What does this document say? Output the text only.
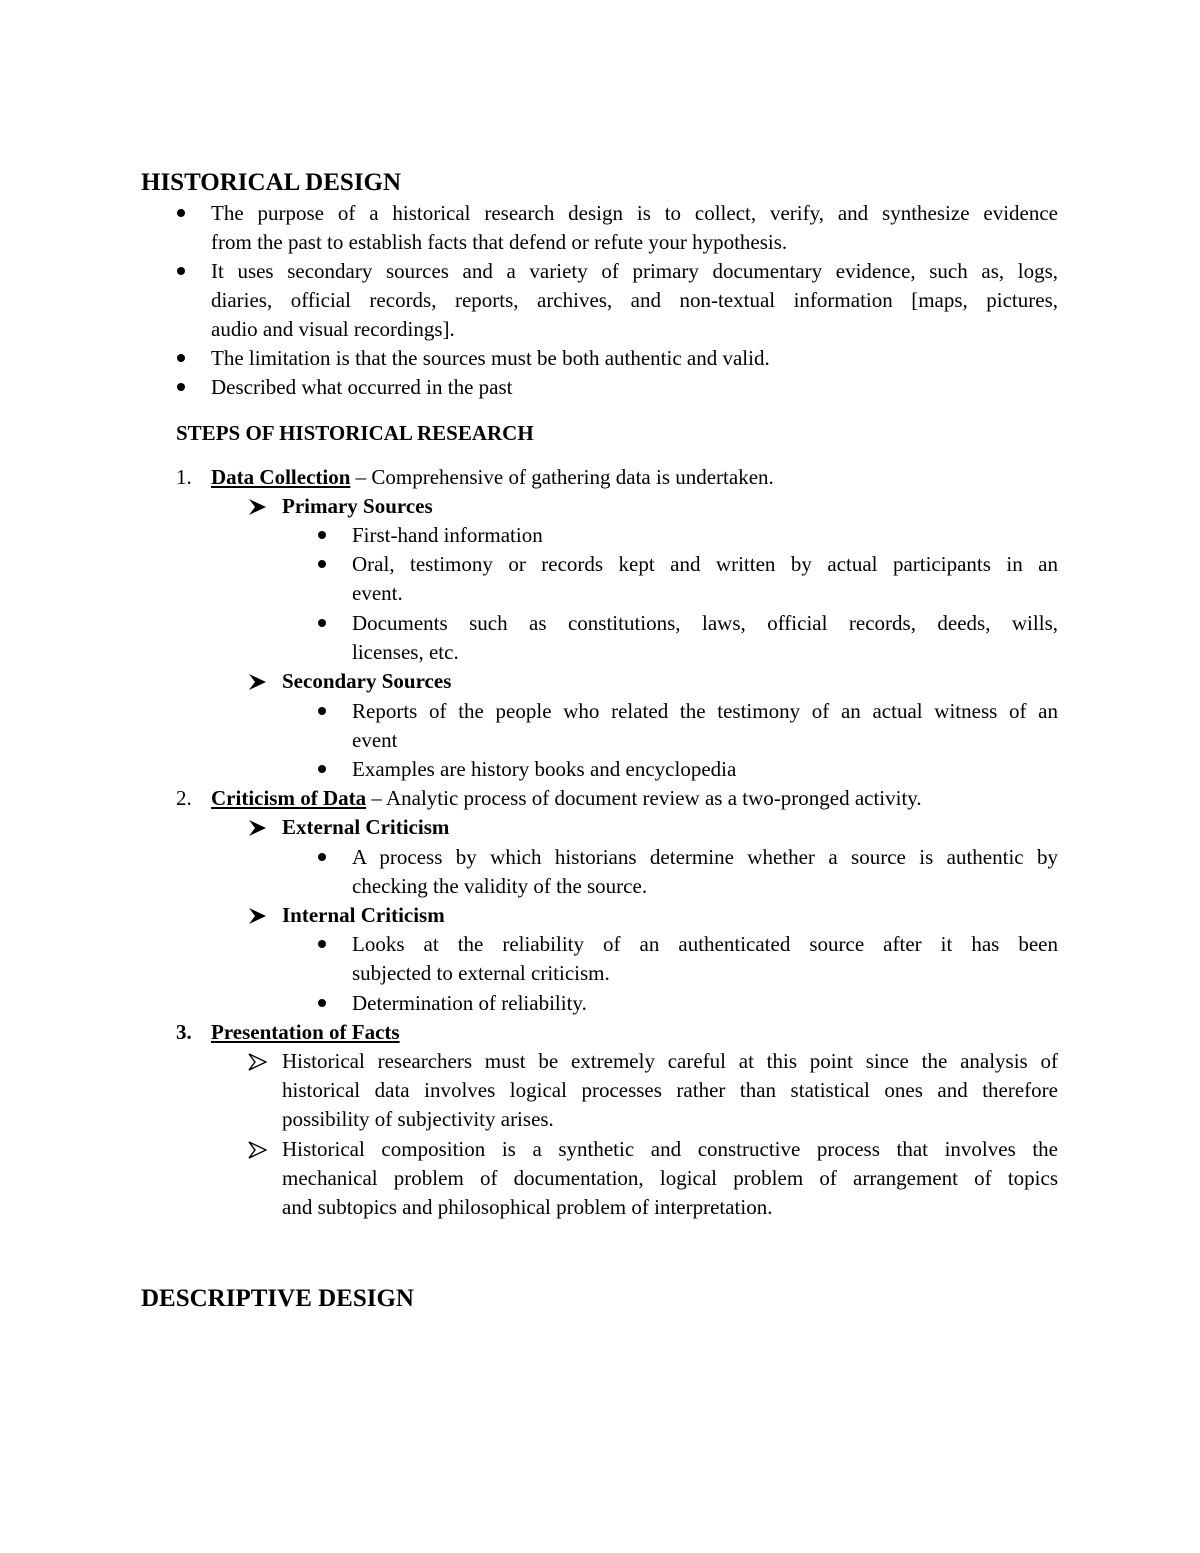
HISTORICAL DESIGN
The purpose of a historical research design is to collect, verify, and synthesize evidence
from the past to establish facts that defend or refute your hypothesis.
It uses secondary sources and a variety of primary documentary evidence, such as, logs,
diaries, official records, reports, archives, and non-textual information [maps, pictures,
audio and visual recordings].
The limitation is that the sources must be both authentic and valid.
Described what occurred in the past
STEPS OF HISTORICAL RESEARCH
1. Data Collection – Comprehensive of gathering data is undertaken.
Primary Sources
First-hand information
Oral, testimony or records kept and written by actual participants in an
event.
Documents such as constitutions, laws, official records, deeds, wills,
licenses, etc.
Secondary Sources
Reports of the people who related the testimony of an actual witness of an
event
Examples are history books and encyclopedia
2. Criticism of Data – Analytic process of document review as a two-pronged activity.
External Criticism
A process by which historians determine whether a source is authentic by
checking the validity of the source.
Internal Criticism
Looks at the reliability of an authenticated source after it has been
subjected to external criticism.
Determination of reliability.
3. Presentation of Facts
Historical researchers must be extremely careful at this point since the analysis of
historical data involves logical processes rather than statistical ones and therefore
possibility of subjectivity arises.
Historical composition is a synthetic and constructive process that involves the
mechanical problem of documentation, logical problem of arrangement of topics
and subtopics and philosophical problem of interpretation.
DESCRIPTIVE DESIGN
